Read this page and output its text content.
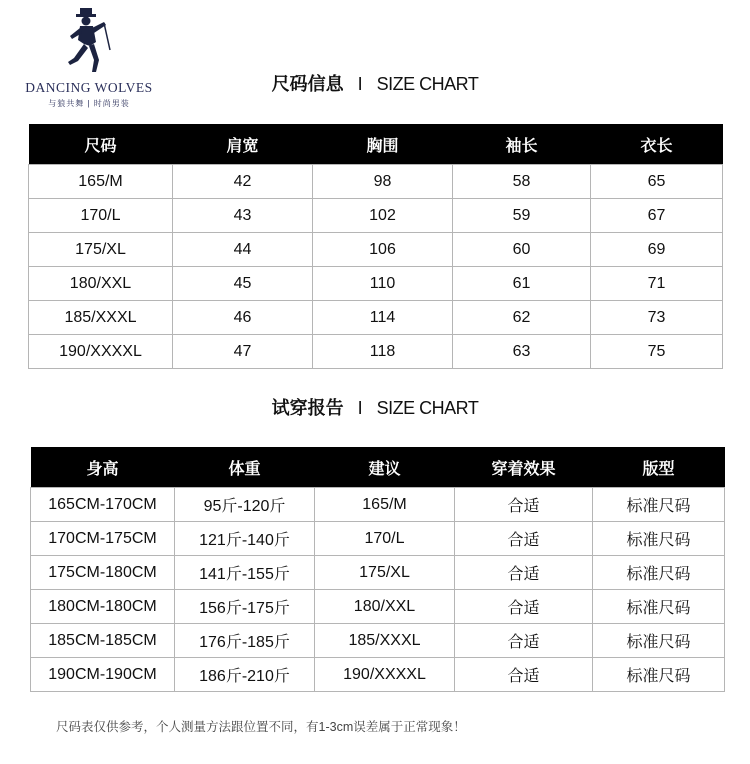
DANCING WOLVES
与狼共舞 | 时尚男装
尺码信息 I SIZE CHART
尺码	肩宽	胸围	袖长	衣长
165/M	42	98	58	65
170/L	43	102	59	67
175/XL	44	106	60	69
180/XXL	45	110	61	71
185/XXXL	46	114	62	73
190/XXXXL	47	118	63	75
试穿报告 I SIZE CHART
身高	体重	建议	穿着效果	版型
165CM-170CM	95斤-120斤	165/M	合适	标准尺码
170CM-175CM	121斤-140斤	170/L	合适	标准尺码
175CM-180CM	141斤-155斤	175/XL	合适	标准尺码
180CM-180CM	156斤-175斤	180/XXL	合适	标准尺码
185CM-185CM	176斤-185斤	185/XXXL	合适	标准尺码
190CM-190CM	186斤-210斤	190/XXXXL	合适	标准尺码
尺码表仅供参考，个人测量方法跟位置不同，有1-3cm误差属于正常现象！
